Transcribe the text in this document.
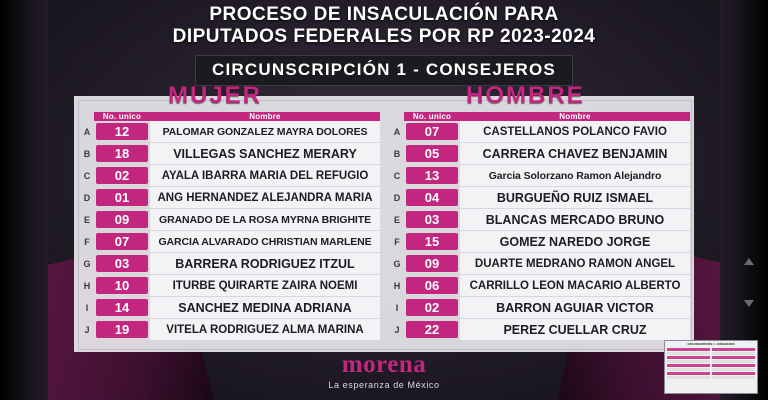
PROCESO DE INSACULACIÓN PARA
DIPUTADOS FEDERALES POR RP 2023-2024
CIRCUNSCRIPCIÓN 1 - CONSEJEROS
MUJER	HOMBRE
	No. unico	Nombre
A	12	PALOMAR GONZALEZ MAYRA DOLORES
B	18	VILLEGAS SANCHEZ MERARY
C	02	AYALA IBARRA MARIA DEL REFUGIO
D	01	ANG HERNANDEZ ALEJANDRA MARIA
E	09	GRANADO DE LA ROSA MYRNA BRIGHITE
F	07	GARCIA ALVARADO CHRISTIAN MARLENE
G	03	BARRERA RODRIGUEZ ITZUL
H	10	ITURBE QUIRARTE ZAIRA NOEMI
I	14	SANCHEZ MEDINA ADRIANA
J	19	VITELA RODRIGUEZ ALMA MARINA
	No. unico	Nombre
A	07	CASTELLANOS POLANCO FAVIO
B	05	CARRERA CHAVEZ BENJAMIN
C	13	Garcia Solorzano Ramon Alejandro
D	04	BURGUEÑO RUIZ ISMAEL
E	03	BLANCAS MERCADO BRUNO
F	15	GOMEZ NAREDO JORGE
G	09	DUARTE MEDRANO RAMON ANGEL
H	06	CARRILLO LEON MACARIO ALBERTO
I	02	BARRON AGUIAR VICTOR
J	22	PEREZ CUELLAR CRUZ
morena
La esperanza de México
CIRCUNSCRIPCIÓN 1 - CONSEJEROS
